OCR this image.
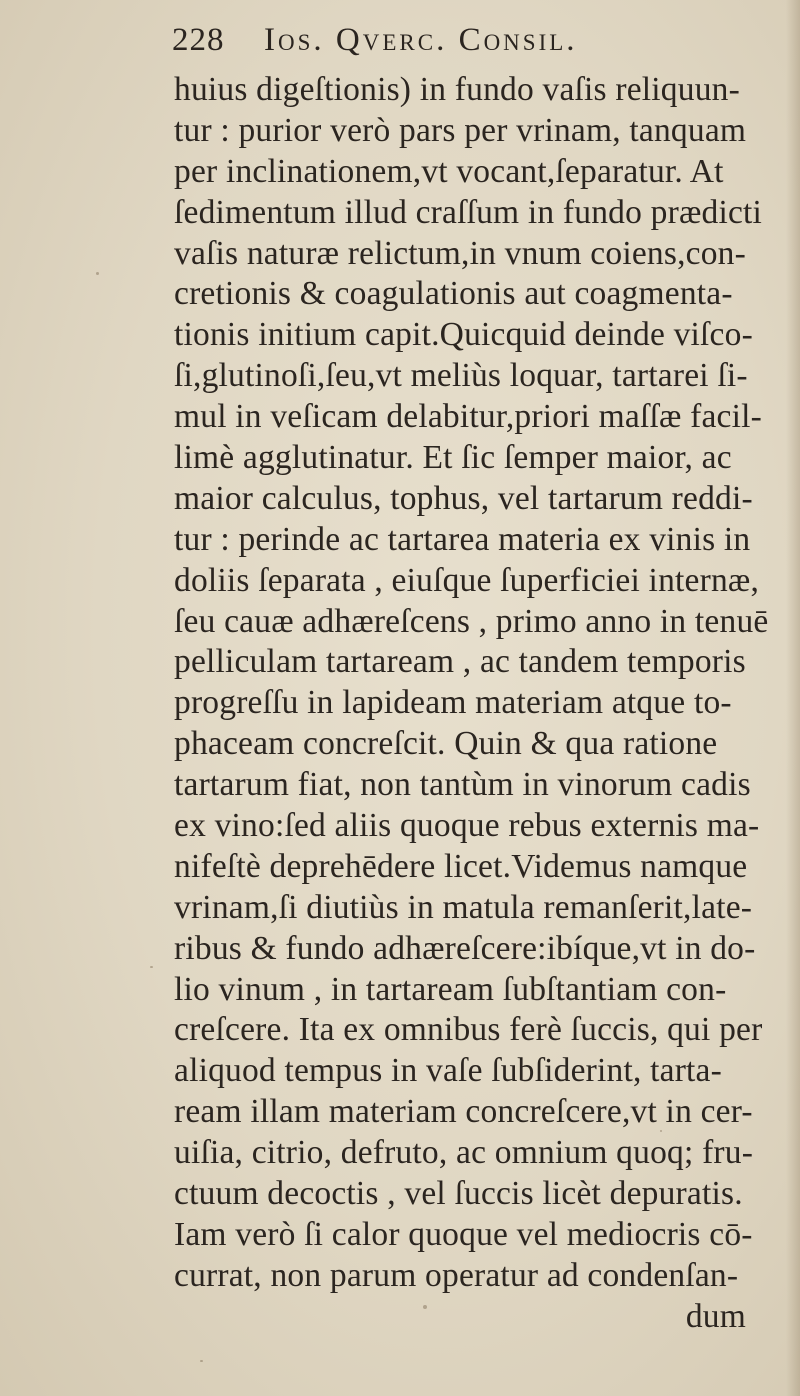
228 Ios. Qverc. Consil.
huius digeſtionis) in fundo vaſis reliquun-
tur : purior verò pars per vrinam, tanquam
per inclinationem,vt vocant,ſeparatur. At
ſedimentum illud craſſum in fundo prædicti
vaſis naturæ relictum,in vnum coiens,con-
cretionis & coagulationis aut coagmenta-
tionis initium capit.Quicquid deinde viſco-
ſi,glutinoſi,ſeu,vt meliùs loquar, tartarei ſi-
mul in veſicam delabitur,priori maſſæ facil-
limè agglutinatur. Et ſic ſemper maior, ac
maior calculus, tophus, vel tartarum reddi-
tur : perinde ac tartarea materia ex vinis in
doliis ſeparata , eiuſque ſuperficiei internæ,
ſeu cauæ adhæreſcens , primo anno in tenuē
pelliculam tartaream , ac tandem temporis
progreſſu in lapideam materiam atque to-
phaceam concreſcit. Quin & qua ratione
tartarum fiat, non tantùm in vinorum cadis
ex vino:ſed aliis quoque rebus externis ma-
nifeſtè deprehēdere licet.Videmus namque
vrinam,ſi diutiùs in matula remanſerit,late-
ribus & fundo adhæreſcere:ibíque,vt in do-
lio vinum , in tartaream ſubſtantiam con-
creſcere. Ita ex omnibus ferè ſuccis, qui per
aliquod tempus in vaſe ſubſiderint, tarta-
ream illam materiam concreſcere,vt in cer-
uiſia, citrio, defruto, ac omnium quoq; fru-
ctuum decoctis , vel ſuccis licèt depuratis.
Iam verò ſi calor quoque vel mediocris cō-
currat, non parum operatur ad condenſan-
dum
